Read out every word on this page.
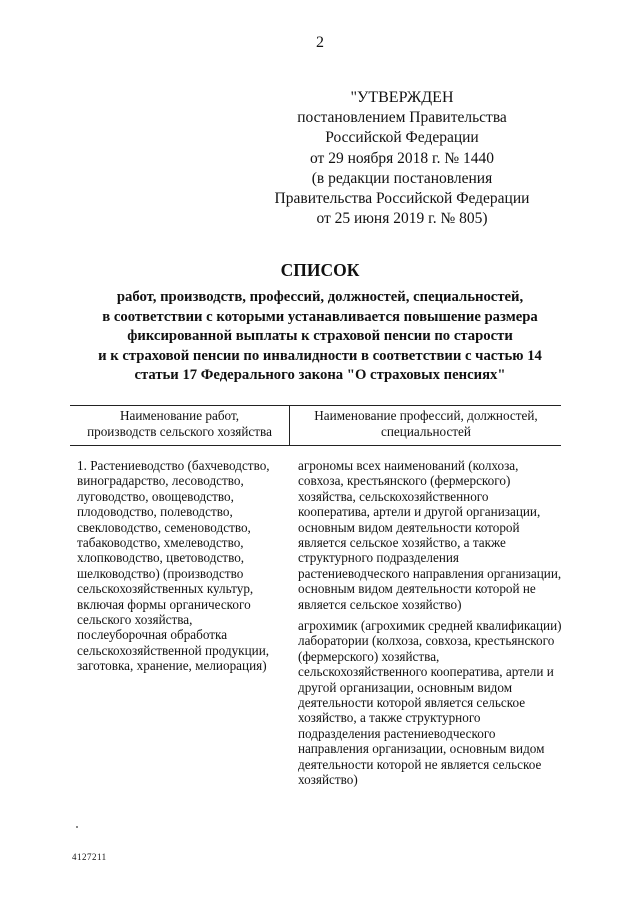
2
"УТВЕРЖДЕН
постановлением Правительства
Российской Федерации
от 29 ноября 2018 г. № 1440
(в редакции постановления
Правительства Российской Федерации
от 25 июня 2019 г. № 805)
СПИСОК
работ, производств, профессий, должностей, специальностей,
в соответствии с которыми устанавливается повышение размера
фиксированной выплаты к страховой пенсии по старости
и к страховой пенсии по инвалидности в соответствии с частью 14
статьи 17 Федерального закона "О страховых пенсиях"
Наименование работ,
производств сельского хозяйства
Наименование профессий, должностей,
специальностей
1. Растениеводство (бахчеводство,
виноградарство, лесоводство,
луговодство, овощеводство,
плодоводство, полеводство,
свекловодство, семеноводство,
табаководство, хмелеводство,
хлопководство, цветоводство,
шелководство) (производство
сельскохозяйственных культур,
включая формы органического
сельского хозяйства,
послеуборочная обработка
сельскохозяйственной продукции,
заготовка, хранение, мелиорация)
агрономы всех наименований (колхоза,
совхоза, крестьянского (фермерского)
хозяйства, сельскохозяйственного
кооператива, артели и другой организации,
основным видом деятельности которой
является сельское хозяйство, а также
структурного подразделения
растениеводческого направления организации,
основным видом деятельности которой не
является сельское хозяйство)
агрохимик (агрохимик средней квалификации)
лаборатории (колхоза, совхоза, крестьянского
(фермерского) хозяйства,
сельскохозяйственного кооператива, артели и
другой организации, основным видом
деятельности которой является сельское
хозяйство, а также структурного
подразделения растениеводческого
направления организации, основным видом
деятельности которой не является сельское
хозяйство)
4127211
